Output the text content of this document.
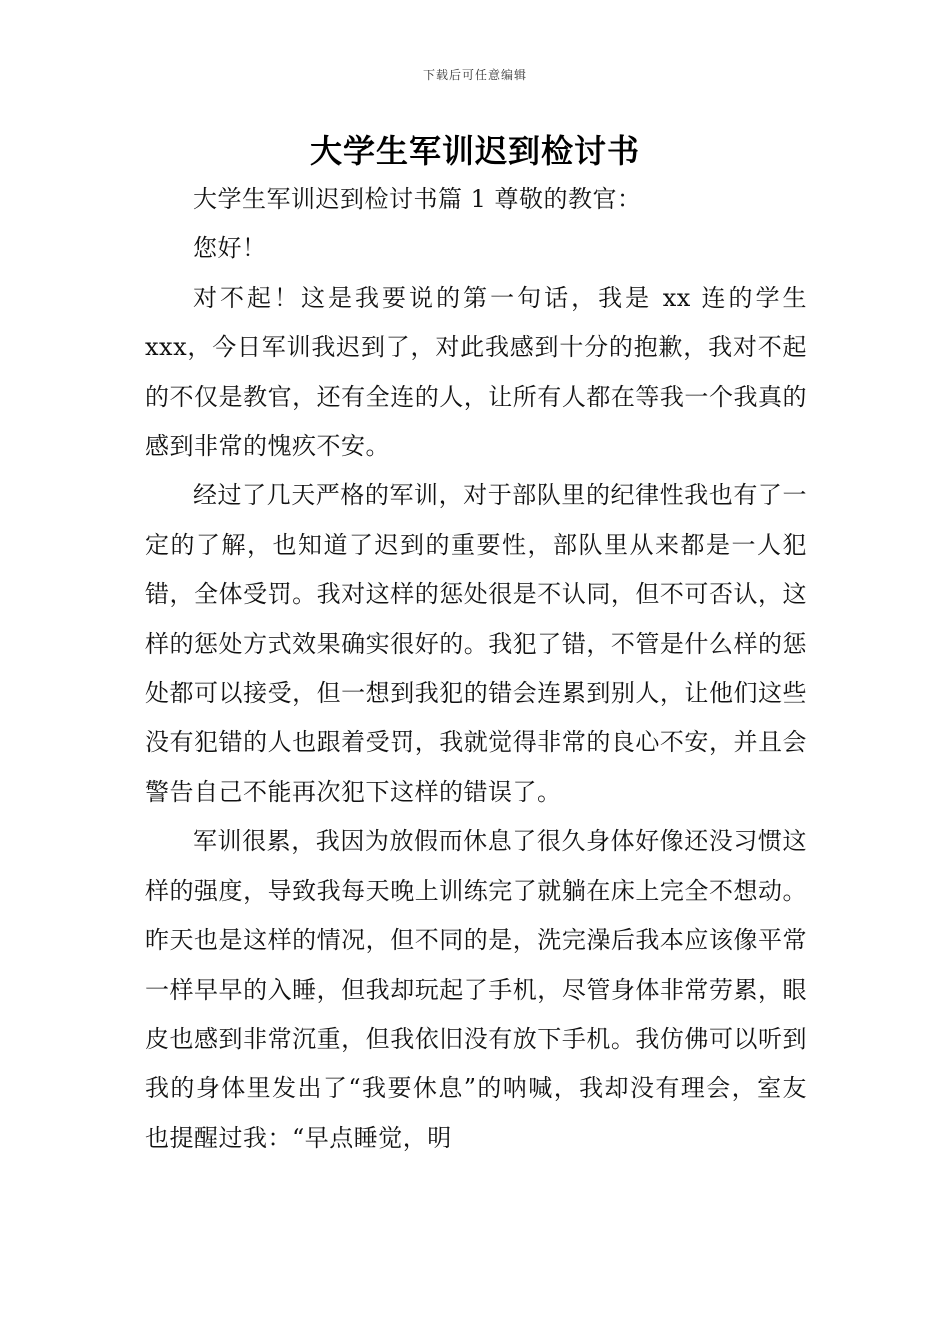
下载后可任意编辑
大学生军训迟到检讨书

大学生军训迟到检讨书篇 1 尊敬的教官：

您好！

对不起！这是我要说的第一句话，我是 xx 连的学生 xxx，今日军训我迟到了，对此我感到十分的抱歉，我对不起的不仅是教官，还有全连的人，让所有人都在等我一个我真的感到非常的愧疚不安。

经过了几天严格的军训，对于部队里的纪律性我也有了一定的了解，也知道了迟到的重要性，部队里从来都是一人犯错，全体受罚。我对这样的惩处很是不认同，但不可否认，这样的惩处方式效果确实很好的。我犯了错，不管是什么样的惩处都可以接受，但一想到我犯的错会连累到别人，让他们这些没有犯错的人也跟着受罚，我就觉得非常的良心不安，并且会警告自己不能再次犯下这样的错误了。

军训很累，我因为放假而休息了很久身体好像还没习惯这样的强度，导致我每天晚上训练完了就躺在床上完全不想动。昨天也是这样的情况，但不同的是，洗完澡后我本应该像平常一样早早的入睡，但我却玩起了手机，尽管身体非常劳累，眼皮也感到非常沉重，但我依旧没有放下手机。我仿佛可以听到我的身体里发出了“我要休息”的呐喊，我却没有理会，室友也提醒过我：“早点睡觉，明
